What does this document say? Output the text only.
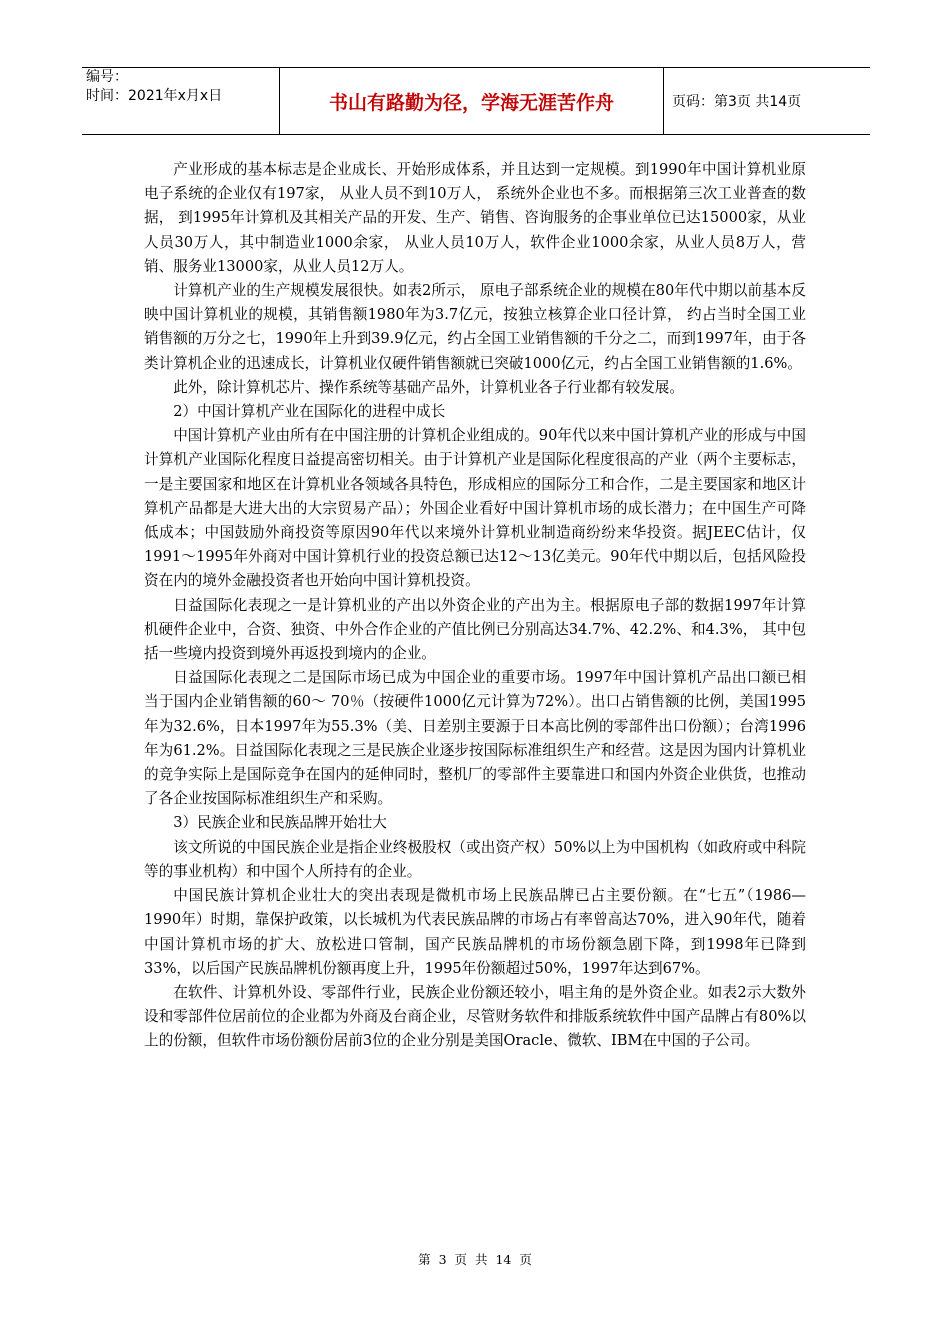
编号：
时间：2021年x月x日	书山有路勤为径，学海无涯苦作舟	页码：第3页 共14页

产业形成的基本标志是企业成长、开始形成体系，并且达到一定规模。到1990年中国计算机业原电子系统的企业仅有197家， 从业人员不到10万人， 系统外企业也不多。而根据第三次工业普查的数据， 到1995年计算机及其相关产品的开发、生产、销售、咨询服务的企事业单位已达15000家，从业人员30万人，其中制造业1000余家， 从业人员10万人，软件企业1000余家，从业人员8万人，营销、服务业13000家，从业人员12万人。

计算机产业的生产规模发展很快。如表2所示， 原电子部系统企业的规模在80年代中期以前基本反映中国计算机业的规模，其销售额1980年为3.7亿元，按独立核算企业口径计算， 约占当时全国工业销售额的万分之七，1990年上升到39.9亿元，约占全国工业销售额的千分之二，而到1997年，由于各类计算机企业的迅速成长，计算机业仅硬件销售额就已突破1000亿元，约占全国工业销售额的1.6%。

此外，除计算机芯片、操作系统等基础产品外，计算机业各子行业都有较发展。

2）中国计算机产业在国际化的进程中成长

中国计算机产业由所有在中国注册的计算机企业组成的。90年代以来中国计算机产业的形成与中国计算机产业国际化程度日益提高密切相关。由于计算机产业是国际化程度很高的产业（两个主要标志，一是主要国家和地区在计算机业各领域各具特色，形成相应的国际分工和合作，二是主要国家和地区计算机产品都是大进大出的大宗贸易产品）；外国企业看好中国计算机市场的成长潜力；在中国生产可降低成本；中国鼓励外商投资等原因90年代以来境外计算机业制造商纷纷来华投资。据JEEC估计，仅1991～1995年外商对中国计算机行业的投资总额已达12～13亿美元。90年代中期以后，包括风险投资在内的境外金融投资者也开始向中国计算机投资。

日益国际化表现之一是计算机业的产出以外资企业的产出为主。根据原电子部的数据1997年计算机硬件企业中，合资、独资、中外合作企业的产值比例已分别高达34.7%、42.2%、和4.3%， 其中包括一些境内投资到境外再返投到境内的企业。

日益国际化表现之二是国际市场已成为中国企业的重要市场。1997年中国计算机产品出口额已相当于国内企业销售额的60～ 70％（按硬件1000亿元计算为72%）。出口占销售额的比例，美国1995年为32.6%，日本1997年为55.3%（美、日差别主要源于日本高比例的零部件出口份额）；台湾1996年为61.2%。日益国际化表现之三是民族企业逐步按国际标准组织生产和经营。这是因为国内计算机业的竞争实际上是国际竞争在国内的延伸同时，整机厂的零部件主要靠进口和国内外资企业供货，也推动了各企业按国际标准组织生产和采购。

3）民族企业和民族品牌开始壮大

该文所说的中国民族企业是指企业终极股权（或出资产权）50%以上为中国机构（如政府或中科院等的事业机构）和中国个人所持有的企业。

中国民族计算机企业壮大的突出表现是微机市场上民族品牌已占主要份额。在“七五”（1986—1990年）时期，靠保护政策，以长城机为代表民族品牌的市场占有率曾高达70%，进入90年代，随着中国计算机市场的扩大、放松进口管制，国产民族品牌机的市场份额急剧下降，到1998年已降到33%，以后国产民族品牌机份额再度上升，1995年份额超过50%，1997年达到67%。

在软件、计算机外设、零部件行业，民族企业份额还较小，唱主角的是外资企业。如表2示大数外设和零部件位居前位的企业都为外商及台商企业，尽管财务软件和排版系统软件中国产品牌占有80%以上的份额，但软件市场份额份居前3位的企业分别是美国Oracle、微软、IBM在中国的子公司。

第 3 页 共 14 页
